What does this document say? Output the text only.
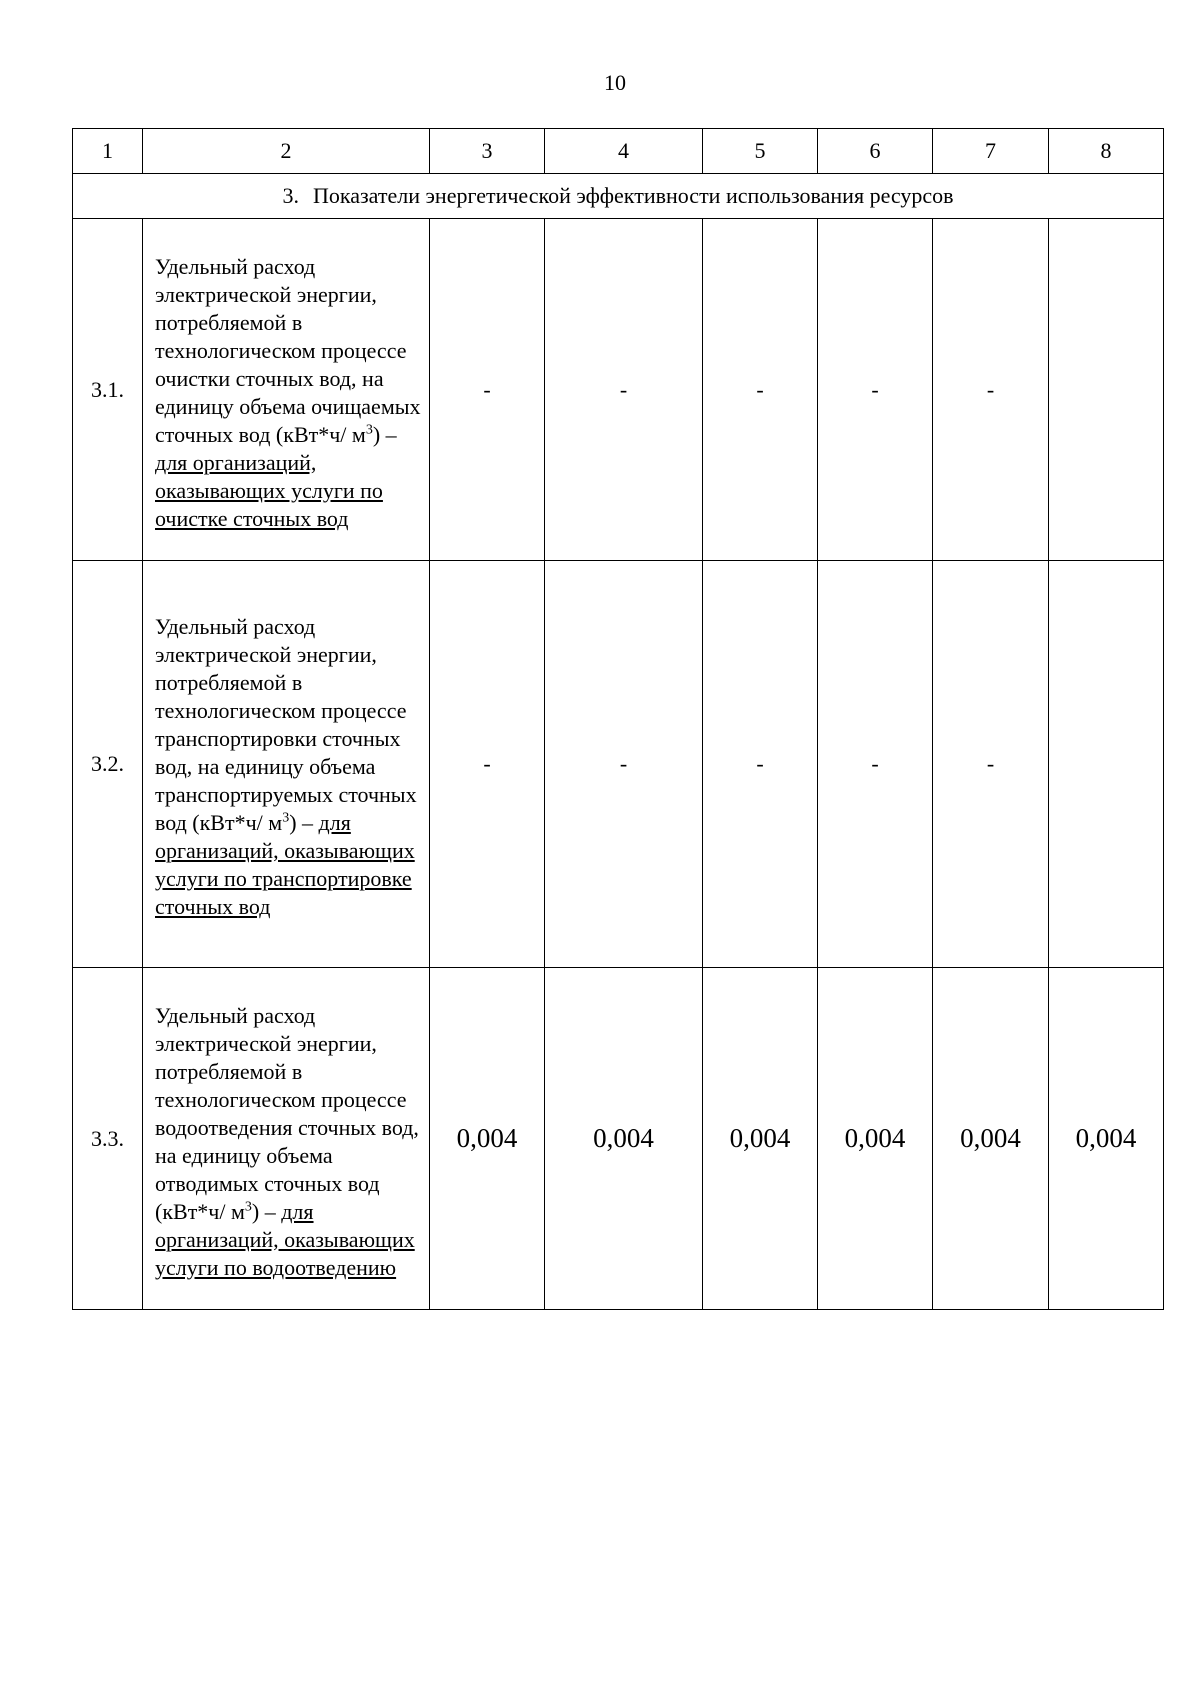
10
1	2	3	4	5	6	7	8
3. Показатели энергетической эффективности использования ресурсов							
3.1.	Удельный расход электрической энергии, потребляемой в технологическом процессе очистки сточных вод, на единицу объема очищаемых сточных вод (кВт*ч/ $м^3$) – для организаций, оказывающих услуги по очистке сточных вод	-	-	-	-	-	
3.2.	Удельный расход электрической энергии, потребляемой в технологическом процессе транспортировки сточных вод, на единицу объема транспортируемых сточных вод (кВт*ч/ $м^3$) – для организаций, оказывающих услуги по транспортировке сточных вод	-	-	-	-	-	
3.3.	Удельный расход электрической энергии, потребляемой в технологическом процессе водоотведения сточных вод, на единицу объема отводимых сточных вод (кВт*ч/ $м^3$) – для организаций, оказывающих услуги по водоотведению	0,004	0,004	0,004	0,004	0,004	0,004
